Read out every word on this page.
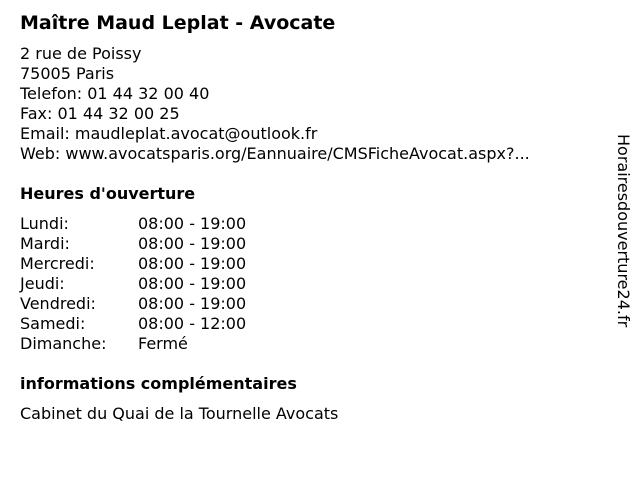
Maître Maud Leplat - Avocate
2 rue de Poissy
75005 Paris
Telefon: 01 44 32 00 40
Fax: 01 44 32 00 25
Email: maudleplat.avocat@outlook.fr
Web: www.avocatsparis.org/Eannuaire/CMSFicheAvocat.aspx?...
Heures d'ouverture
Lundi:	08:00 - 19:00
Mardi:	08:00 - 19:00
Mercredi:	08:00 - 19:00
Jeudi:	08:00 - 19:00
Vendredi:	08:00 - 19:00
Samedi:	08:00 - 12:00
Dimanche: Fermé
informations complémentaires
Cabinet du Quai de la Tournelle Avocats
Horairesdouverture24.fr
